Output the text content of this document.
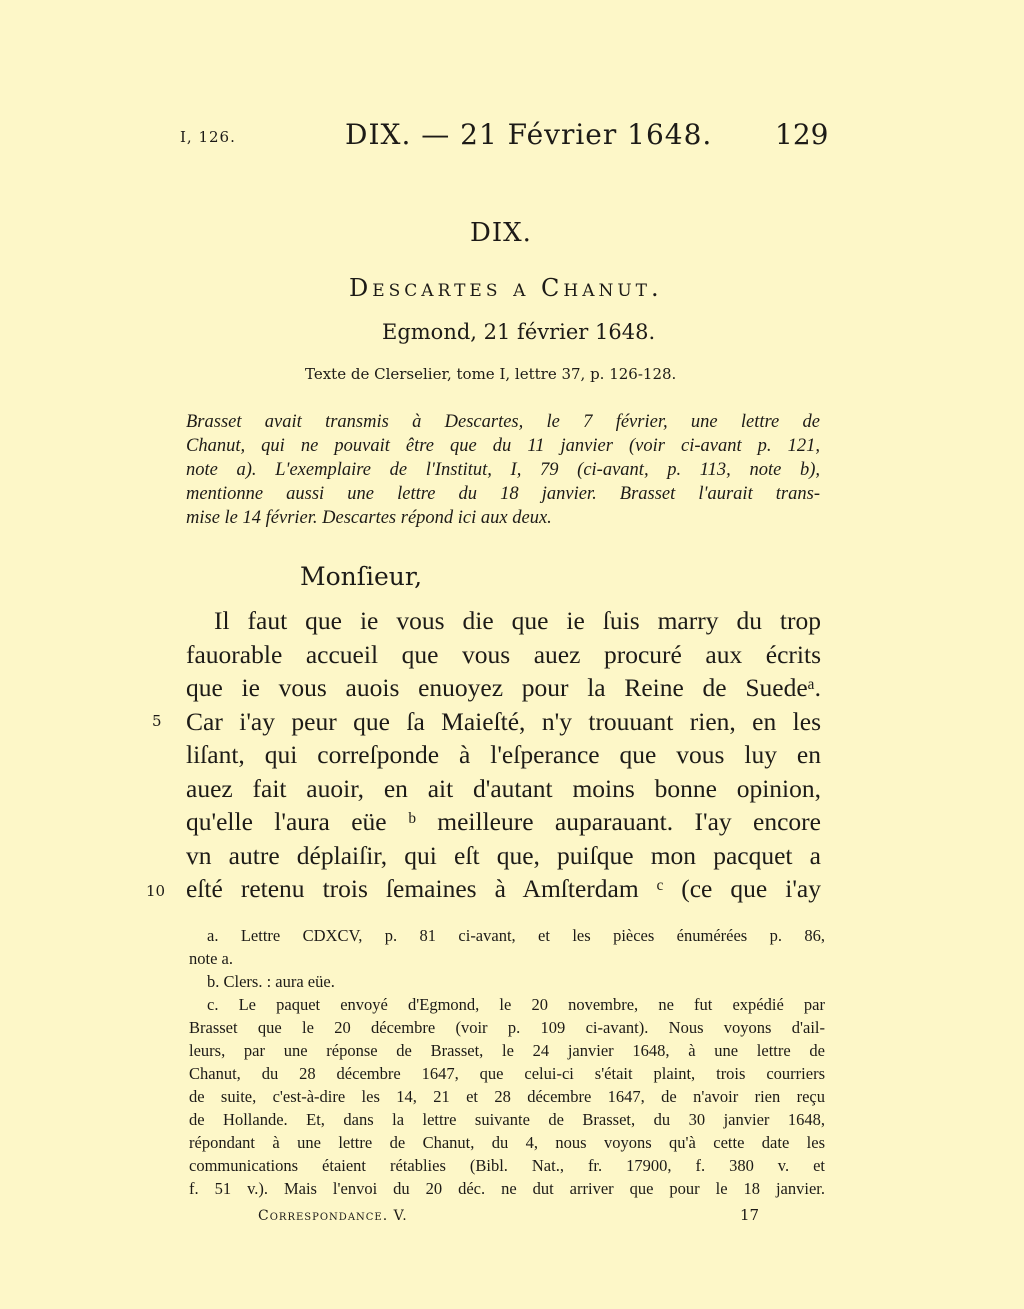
I, 126.	DIX. — 21 Février 1648. 129
DIX.
Descartes a Chanut.
Egmond, 21 février 1648.
Texte de Clerselier, tome I, lettre 37, p. 126-128.
Brasset avait transmis à Descartes, le 7 février, une lettre de
Chanut, qui ne pouvait être que du 11 janvier (voir ci-avant p. 121,
note a). L'exemplaire de l'Institut, I, 79 (ci-avant, p. 113, note b),
mentionne aussi une lettre du 18 janvier. Brasset l'aurait trans-
mise le 14 février. Descartes répond ici aux deux.
Monſieur,
Il faut que ie vous die que ie ſuis marry du trop
fauorable accueil que vous auez procuré aux écrits
que ie vous auois enuoyez pour la Reine de Suedeᵃ.
Car i'ay peur que ſa Maieſté, n'y trouuant rien, en les
liſant, qui correſponde à l'eſperance que vous luy en
auez fait auoir, en ait d'autant moins bonne opinion,
qu'elle l'aura eüe ᵇ meilleure auparauant. I'ay encore
vn autre déplaiſir, qui eſt que, puiſque mon pacquet a
eſté retenu trois ſemaines à Amſterdam ᶜ (ce que i'ay
5
10
a. Lettre CDXCV, p. 81 ci-avant, et les pièces énumérées p. 86,
note a.
b. Clers. : aura eüe.
c. Le paquet envoyé d'Egmond, le 20 novembre, ne fut expédié par
Brasset que le 20 décembre (voir p. 109 ci-avant). Nous voyons d'ail-
leurs, par une réponse de Brasset, le 24 janvier 1648, à une lettre de
Chanut, du 28 décembre 1647, que celui-ci s'était plaint, trois courriers
de suite, c'est-à-dire les 14, 21 et 28 décembre 1647, de n'avoir rien reçu
de Hollande. Et, dans la lettre suivante de Brasset, du 30 janvier 1648,
répondant à une lettre de Chanut, du 4, nous voyons qu'à cette date les
communications étaient rétablies (Bibl. Nat., fr. 17900, f. 380 v. et
f. 51 v.). Mais l'envoi du 20 déc. ne dut arriver que pour le 18 janvier.
Correspondance. V.	17
